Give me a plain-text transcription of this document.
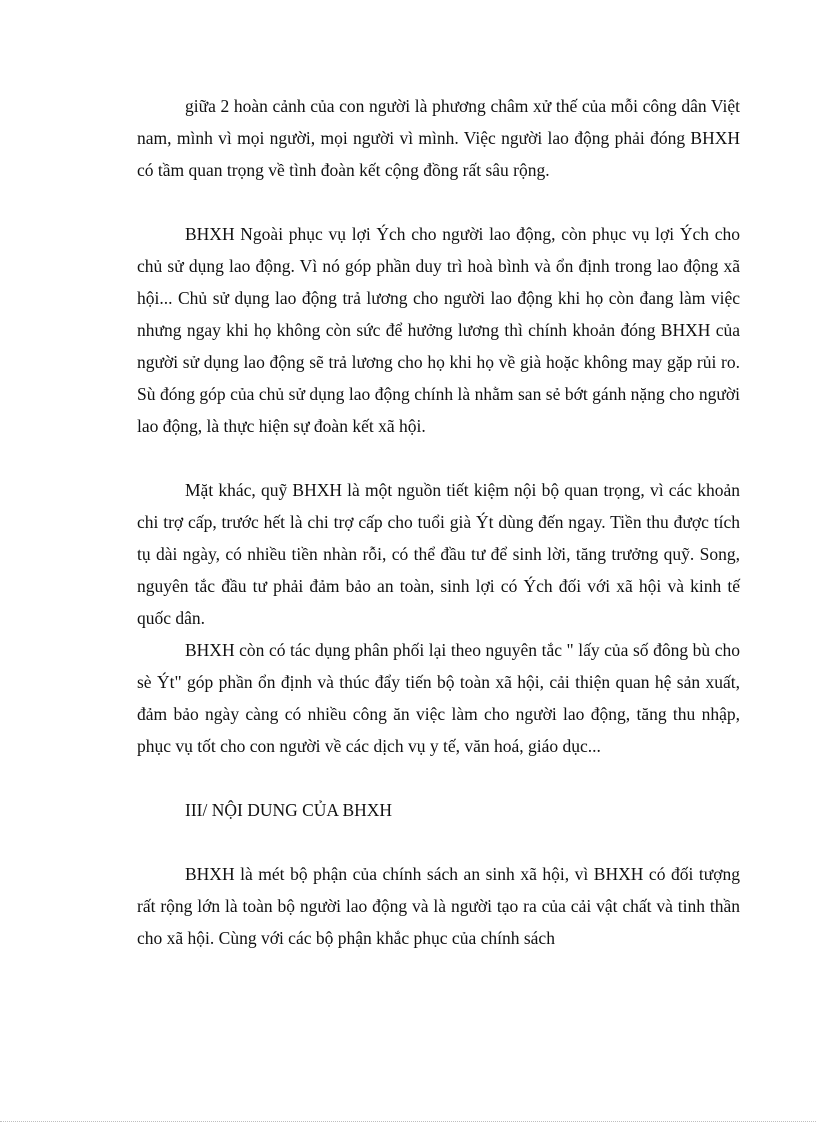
giữa 2 hoàn cảnh của con người là phương châm xử thế của mỗi công dân Việt nam, mình vì mọi người, mọi người vì mình. Việc người lao động phải đóng BHXH có tầm quan trọng về tình đoàn kết cộng đồng rất sâu rộng.

BHXH Ngoài phục vụ lợi Ých cho người lao động, còn phục vụ lợi Ých cho chủ sử dụng lao động. Vì nó góp phần duy trì hoà bình và ổn định trong lao động xã hội... Chủ sử dụng lao động trả lương cho người lao động khi họ còn đang làm việc nhưng ngay khi họ không còn sức để hưởng lương thì chính khoản đóng BHXH của người sử dụng lao động sẽ trả lương cho họ khi họ về già hoặc không may gặp rủi ro. Sù đóng góp của chủ sử dụng lao động chính là nhằm san sẻ bớt gánh nặng cho người lao động, là thực hiện sự đoàn kết xã hội.

Mặt khác, quỹ BHXH là một nguồn tiết kiệm nội bộ quan trọng, vì các khoản chi trợ cấp, trước hết là chi trợ cấp cho tuổi già Ýt dùng đến ngay. Tiền thu được tích tụ dài ngày, có nhiều tiền nhàn rỗi, có thể đầu tư để sinh lời, tăng trưởng quỹ. Song, nguyên tắc đầu tư phải đảm bảo an toàn, sinh lợi có Ých đối với xã hội và kinh tế quốc dân.

BHXH còn có tác dụng phân phối lại theo nguyên tắc " lấy của số đông bù cho sè Ýt" góp phần ổn định và thúc đẩy tiến bộ toàn xã hội, cải thiện quan hệ sản xuất, đảm bảo ngày càng có nhiều công ăn việc làm cho người lao động, tăng thu nhập, phục vụ tốt cho con người về các dịch vụ y tế, văn hoá, giáo dục...

III/ NỘI DUNG CỦA BHXH

BHXH là mét bộ phận của chính sách an sinh xã hội, vì BHXH có đối tượng rất rộng lớn là toàn bộ người lao động và là người tạo ra của cải vật chất và tinh thần cho xã hội. Cùng với các bộ phận khắc phục của chính sách
